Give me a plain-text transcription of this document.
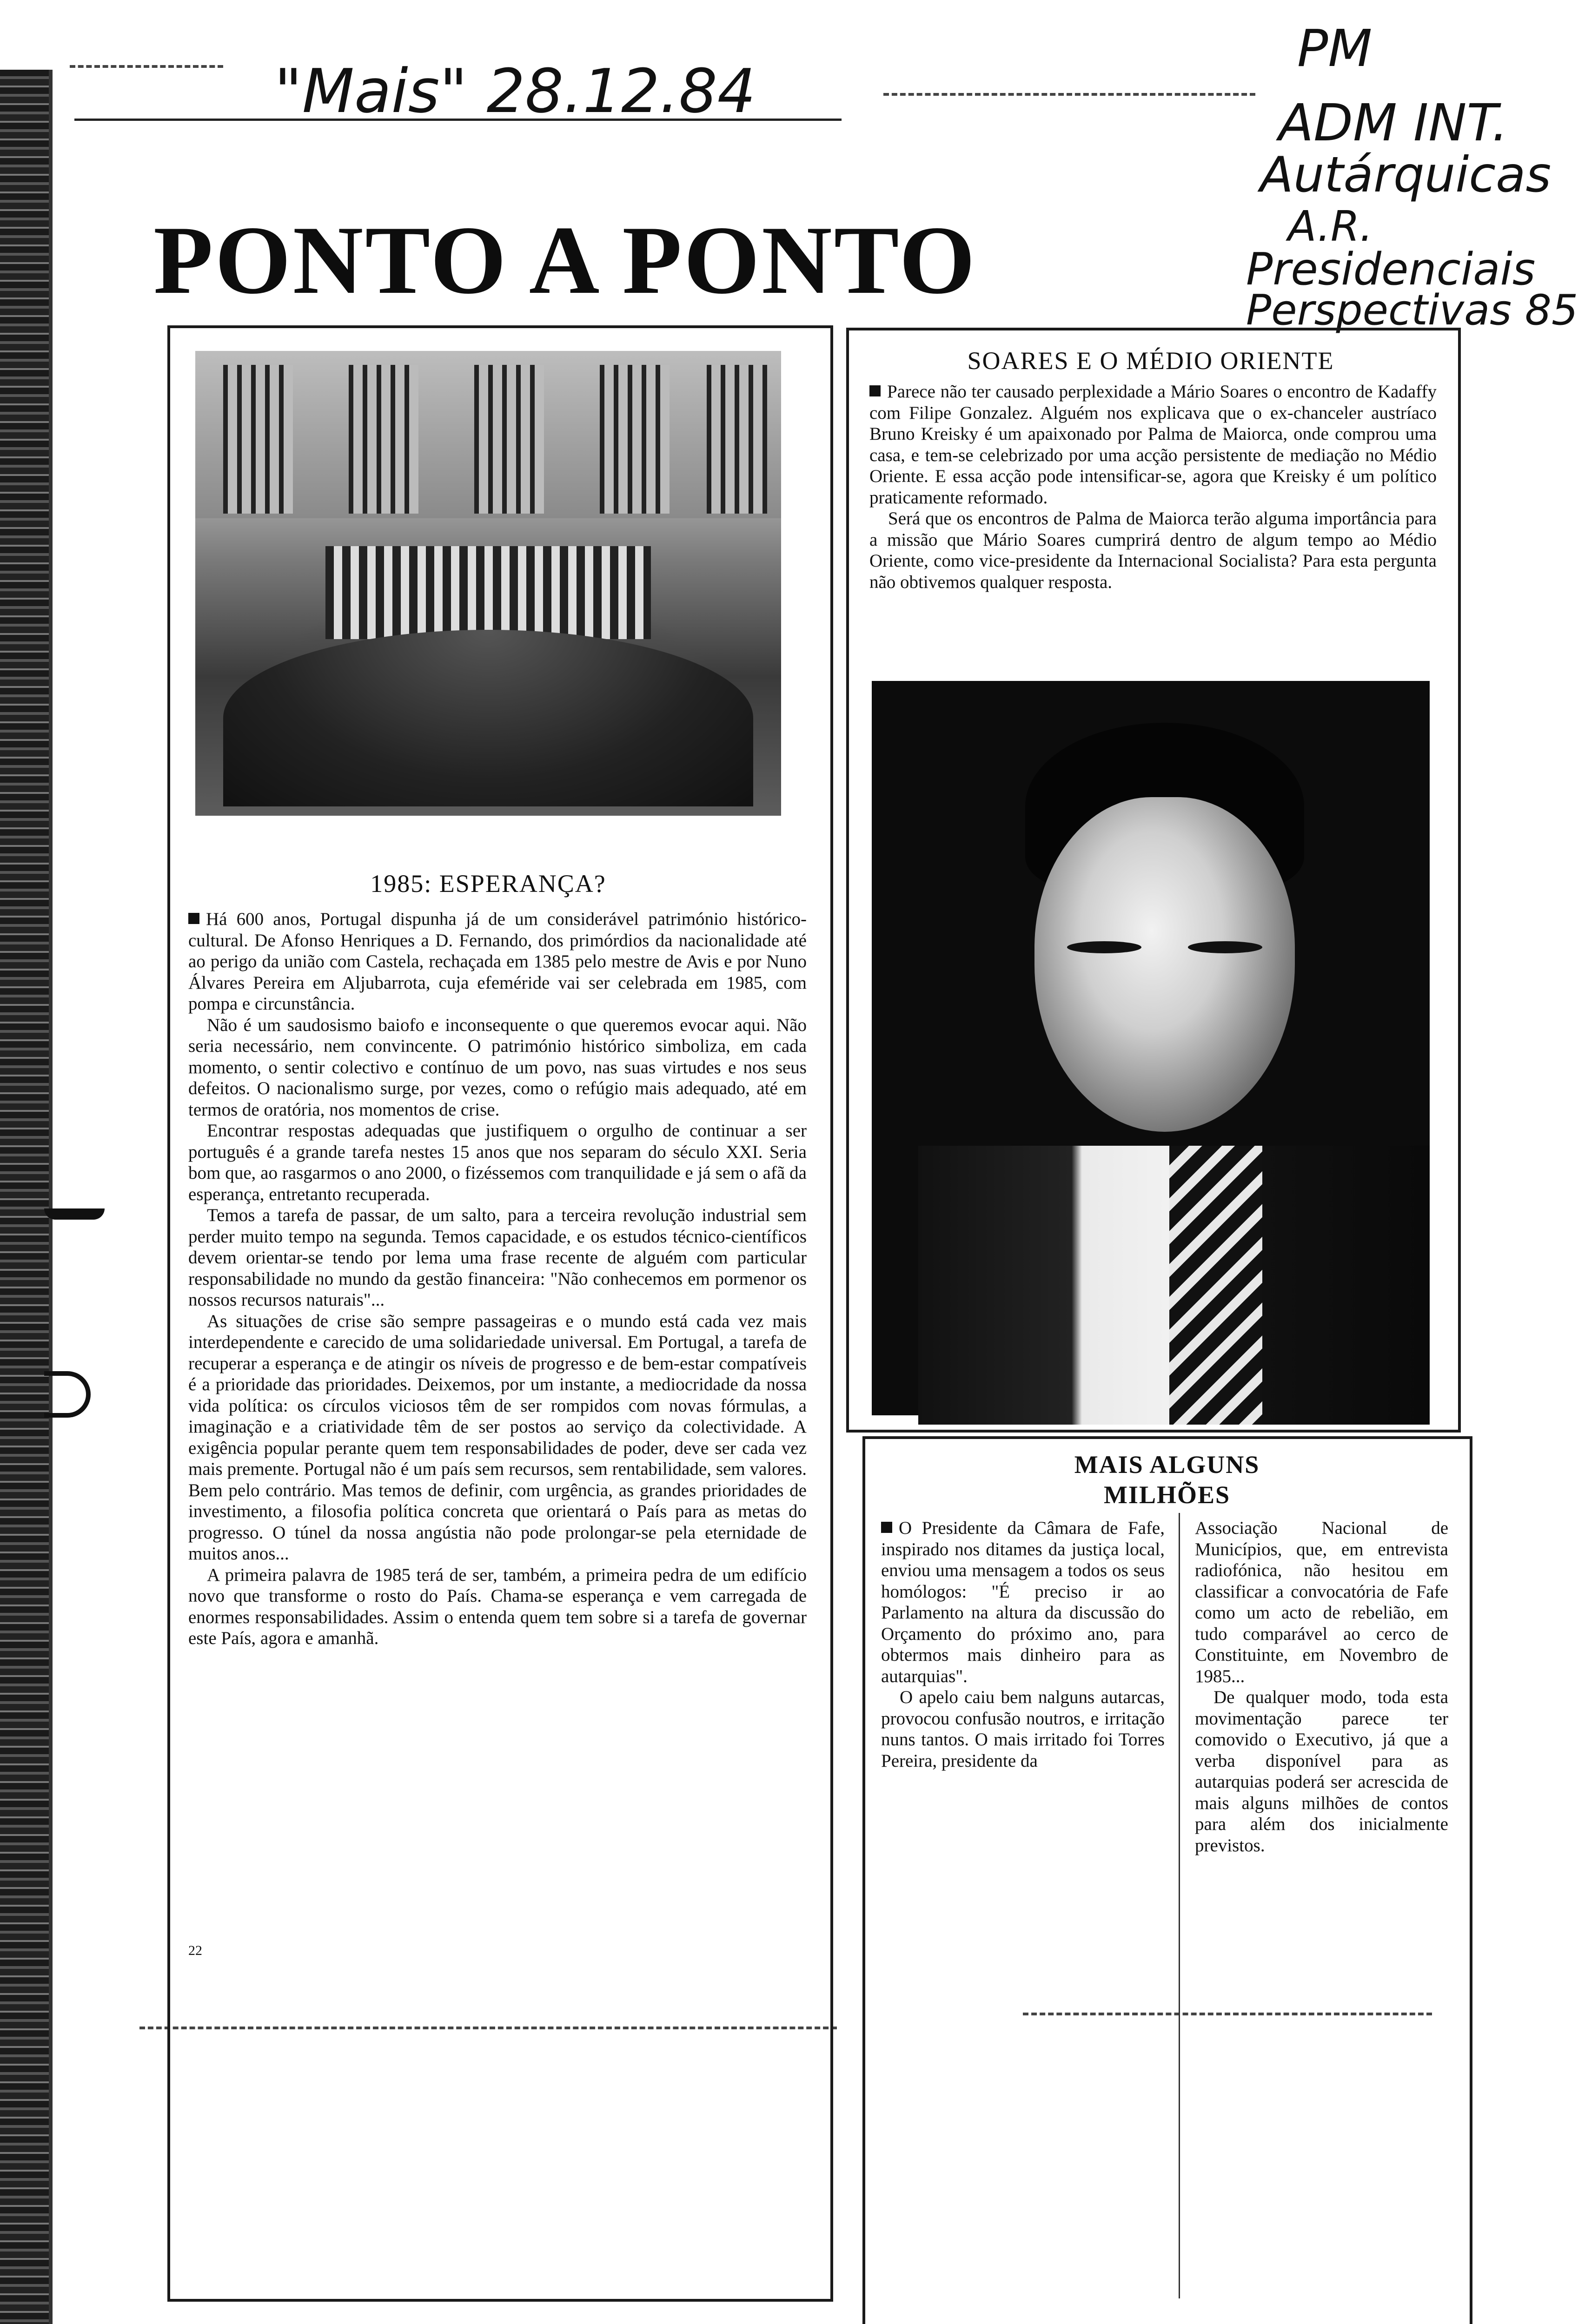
"Mais" 28.12.84
PM
ADM INT.
Autárquicas
A.R.
Presidenciais
Perspectivas 85
PONTO A PONTO
1985: ESPERANÇA?

Há 600 anos, Portugal dispunha já de um considerável património histórico-cultural. De Afonso Henriques a D. Fernando, dos primórdios da nacionalidade até ao perigo da união com Castela, rechaçada em 1385 pelo mestre de Avis e por Nuno Álvares Pereira em Aljubarrota, cuja efeméride vai ser celebrada em 1985, com pompa e circunstância.

Não é um saudosismo baiofo e inconsequente o que queremos evocar aqui. Não seria necessário, nem convincente. O património histórico simboliza, em cada momento, o sentir colectivo e contínuo de um povo, nas suas virtudes e nos seus defeitos. O nacionalismo surge, por vezes, como o refúgio mais adequado, até em termos de oratória, nos momentos de crise.

Encontrar respostas adequadas que justifiquem o orgulho de continuar a ser português é a grande tarefa nestes 15 anos que nos separam do século XXI. Seria bom que, ao rasgarmos o ano 2000, o fizéssemos com tranquilidade e já sem o afã da esperança, entretanto recuperada.

Temos a tarefa de passar, de um salto, para a terceira revolução industrial sem perder muito tempo na segunda. Temos capacidade, e os estudos técnico-científicos devem orientar-se tendo por lema uma frase recente de alguém com particular responsabilidade no mundo da gestão financeira: "Não conhecemos em pormenor os nossos recursos naturais"...

As situações de crise são sempre passageiras e o mundo está cada vez mais interdependente e carecido de uma solidariedade universal. Em Portugal, a tarefa de recuperar a esperança e de atingir os níveis de progresso e de bem-estar compatíveis é a prioridade das prioridades. Deixemos, por um instante, a mediocridade da nossa vida política: os círculos viciosos têm de ser rompidos com novas fórmulas, a imaginação e a criatividade têm de ser postos ao serviço da colectividade. A exigência popular perante quem tem responsabilidades de poder, deve ser cada vez mais premente. Portugal não é um país sem recursos, sem rentabilidade, sem valores. Bem pelo contrário. Mas temos de definir, com urgência, as grandes prioridades de investimento, a filosofia política concreta que orientará o País para as metas do progresso. O túnel da nossa angústia não pode prolongar-se pela eternidade de muitos anos...

A primeira palavra de 1985 terá de ser, também, a primeira pedra de um edifício novo que transforme o rosto do País. Chama-se esperança e vem carregada de enormes responsabilidades. Assim o entenda quem tem sobre si a tarefa de governar este País, agora e amanhã.

SOARES E O MÉDIO ORIENTE

Parece não ter causado perplexidade a Mário Soares o encontro de Kadaffy com Filipe Gonzalez. Alguém nos explicava que o ex-chanceler austríaco Bruno Kreisky é um apaixonado por Palma de Maiorca, onde comprou uma casa, e tem-se celebrizado por uma acção persistente de mediação no Médio Oriente. E essa acção pode intensificar-se, agora que Kreisky é um político praticamente reformado.

Será que os encontros de Palma de Maiorca terão alguma importância para a missão que Mário Soares cumprirá dentro de algum tempo ao Médio Oriente, como vice-presidente da Internacional Socialista? Para esta pergunta não obtivemos qualquer resposta.

MAIS ALGUNS
MILHÕES

O Presidente da Câmara de Fafe, inspirado nos ditames da justiça local, enviou uma mensagem a todos os seus homólogos: "É preciso ir ao Parlamento na altura da discussão do Orçamento do próximo ano, para obtermos mais dinheiro para as autarquias".

O apelo caiu bem nalguns autarcas, provocou confusão noutros, e irritação nuns tantos. O mais irritado foi Torres Pereira, presidente da

Associação Nacional de Municípios, que, em entrevista radiofónica, não hesitou em classificar a convocatória de Fafe como um acto de rebelião, em tudo comparável ao cerco de Constituinte, em Novembro de 1985...

De qualquer modo, toda esta movimentação parece ter comovido o Executivo, já que a verba disponível para as autarquias poderá ser acrescida de mais alguns milhões de contos para além dos inicialmente previstos.

22
